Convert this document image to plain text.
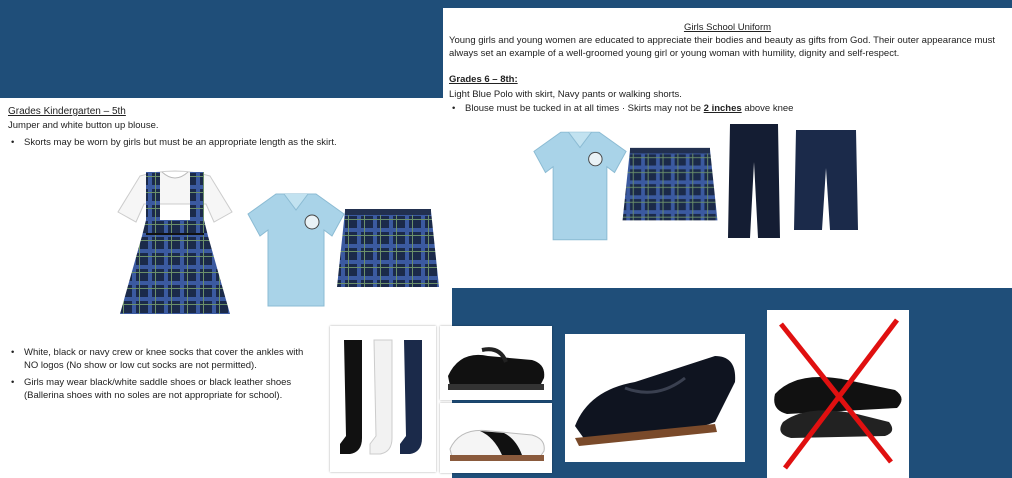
Grades Kindergarten – 5th
Jumper and white button up blouse.
•	Skorts may be worn by girls but must be an appropriate length as the skirt.
•	White, black or navy crew or knee socks that cover the ankles with NO logos (No show or low cut socks are not permitted).
•	Girls may wear black/white saddle shoes or black leather shoes (Ballerina shoes with no soles are not appropriate for school).
Girls School Uniform
Young girls and young women are educated to appreciate their bodies and beauty as gifts from God. Their outer appearance must always set an example of a well-groomed young girl or young woman with humility, dignity and self-respect.
Grades 6 – 8th:
Light Blue Polo with skirt, Navy pants or walking shorts.
•	Blouse must be tucked in at all times · Skirts may not be 2 inches above knee
